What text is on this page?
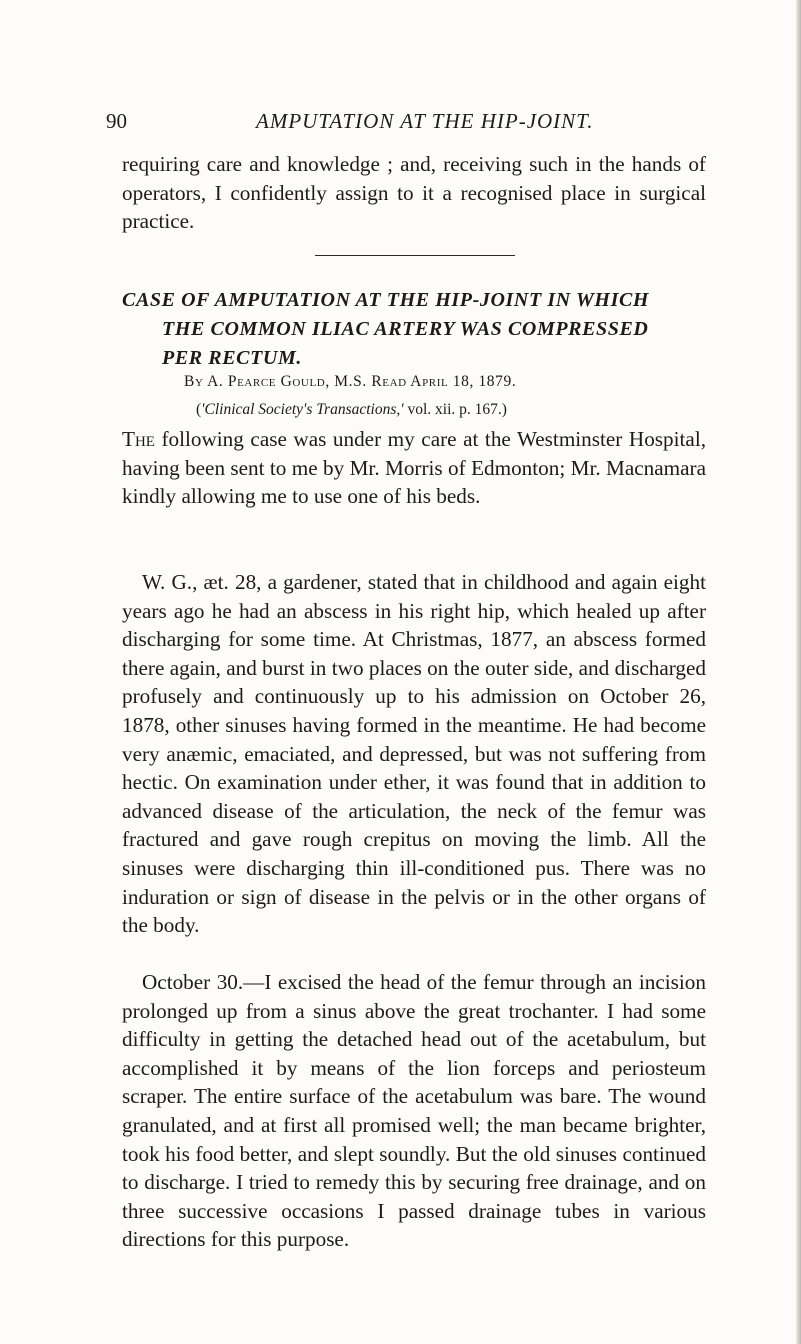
90	AMPUTATION AT THE HIP-JOINT.

requiring care and knowledge ; and, receiving such in the hands of operators, I confidently assign to it a recognised place in surgical practice.

CASE OF AMPUTATION AT THE HIP-JOINT IN WHICH
THE COMMON ILIAC ARTERY WAS COMPRESSED
PER RECTUM.
By A. Pearce Gould, M.S. Read April 18, 1879.
('Clinical Society's Transactions,' vol. xii. p. 167.)

The following case was under my care at the Westminster Hospital, having been sent to me by Mr. Morris of Edmonton; Mr. Macnamara kindly allowing me to use one of his beds.

W. G., æt. 28, a gardener, stated that in childhood and again eight years ago he had an abscess in his right hip, which healed up after discharging for some time. At Christmas, 1877, an abscess formed there again, and burst in two places on the outer side, and discharged profusely and continuously up to his admission on October 26, 1878, other sinuses having formed in the meantime. He had become very anæmic, emaciated, and depressed, but was not suffering from hectic. On examination under ether, it was found that in addition to advanced disease of the articulation, the neck of the femur was fractured and gave rough crepitus on moving the limb. All the sinuses were discharging thin ill-conditioned pus. There was no induration or sign of disease in the pelvis or in the other organs of the body.

October 30.—I excised the head of the femur through an incision prolonged up from a sinus above the great trochanter. I had some difficulty in getting the detached head out of the acetabulum, but accomplished it by means of the lion forceps and periosteum scraper. The entire surface of the acetabulum was bare. The wound granulated, and at first all promised well; the man became brighter, took his food better, and slept soundly. But the old sinuses continued to discharge. I tried to remedy this by securing free drainage, and on three successive occasions I passed drainage tubes in various directions for this purpose.
